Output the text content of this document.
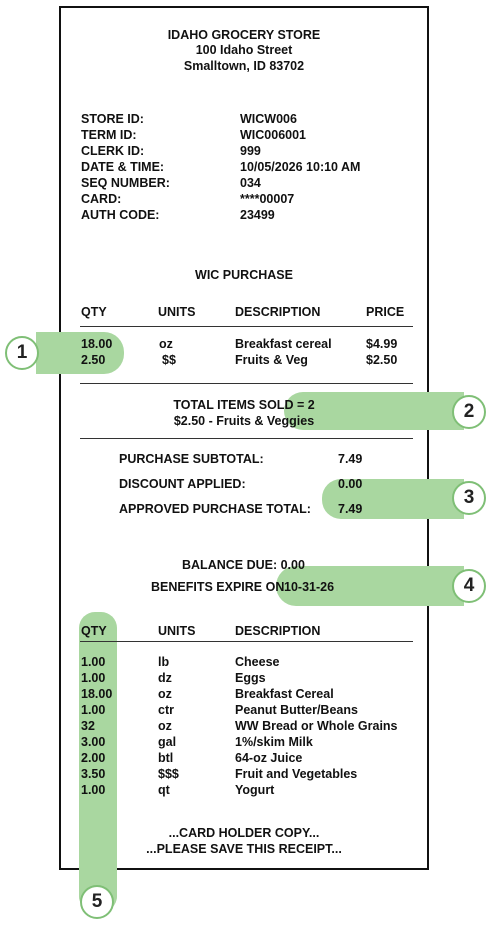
IDAHO GROCERY STORE
100 Idaho Street
Smalltown, ID 83702
STORE ID:	WICW006
TERM ID:	WIC006001
CLERK ID:	999
DATE & TIME:	10/05/2026 10:10 AM
SEQ NUMBER:	034
CARD:	****00007
AUTH CODE:	23499
WIC PURCHASE
QTY	UNITS	DESCRIPTION	PRICE
18.00	oz	Breakfast cereal	$4.99
2.50	$$	Fruits & Veg	$2.50
TOTAL ITEMS SOLD = 2
$2.50 - Fruits & Veggies
PURCHASE SUBTOTAL:	7.49
DISCOUNT APPLIED:	0.00
APPROVED PURCHASE TOTAL: 7.49
BALANCE DUE: 0.00
BENEFITS EXPIRE ON 10-31-26
QTY	UNITS	DESCRIPTION
1.00	lb	Cheese
1.00	dz	Eggs
18.00	oz	Breakfast Cereal
1.00	ctr	Peanut Butter/Beans
32	oz	WW Bread or Whole Grains
3.00	gal	1%/skim Milk
2.00	btl	64-oz Juice
3.50	$$$	Fruit and Vegetables
1.00	qt	Yogurt
...CARD HOLDER COPY...
...PLEASE SAVE THIS RECEIPT...
1
2
3
4
5
